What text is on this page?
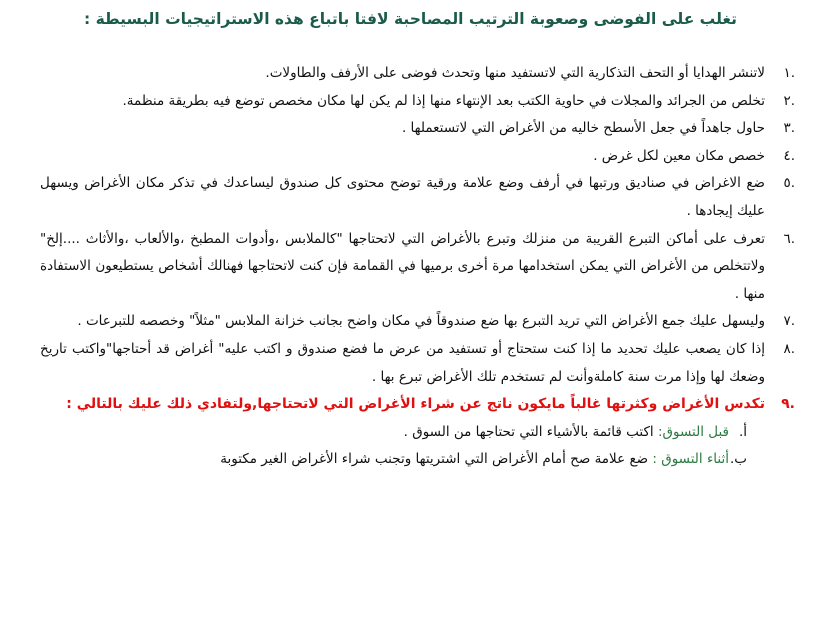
تغلب على الفوضى وصعوبة الترتيب المصاحبة لافتا باتباع هذه الاستراتيجيات البسيطة :
.١
لاتنشر الهدايا أو التحف التذكارية التي لاتستفيد منها وتحدث فوضى على الأرفف والطاولات.
.٢
تخلص من الجرائد والمجلات في حاوية الكتب بعد الإنتهاء منها إذا لم يكن لها مكان مخصص توضع فيه بطريقة منظمة.
.٣
حاول جاهداً في جعل الأسطح خاليه من الأغراض التي لاتستعملها .
.٤
خصص مكان معين لكل غرض .
.٥
ضع الاغراض في صناديق ورتبها في أرفف وضع علامة ورقية توضح محتوى كل صندوق ليساعدك في تذكر مكان الأغراض ويسهل عليك إيجادها .
.٦
تعرف على أماكن التبرع القريبة من منزلك وتبرع بالأغراض التي لاتحتاجها "كالملابس ،وأدوات المطبخ ،والألعاب ،والأثاث ....إلخ" ولاتتخلص من الأغراض التي يمكن استخدامها مرة أخرى برميها في القمامة فإن كنت لاتحتاجها فهنالك أشخاص يستطيعون الاستفادة منها .
.٧
وليسهل عليك جمع الأغراض التي تريد التبرع بها ضع صندوقاً في مكان واضح بجانب خزانة الملابس "مثلاً" وخصصه للتبرعات .
.٨
إذا كان يصعب عليك تحديد ما إذا كنت ستحتاج أو تستفيد من عرض ما فضع صندوق و اكتب عليه" أغراض قد أحتاجها"واكتب تاريخ وضعك لها وإذا مرت سنة كاملةوأنت لم تستخدم تلك الأغراض تبرع بها .
.٩
تكدس الأغراض وكثرتها غالباً مايكون ناتج عن شراء الأغراض التي لاتحتاجها,ولتفادي ذلك عليك بالتالي :
أ.
قبل التسوق: اكتب قائمة بالأشياء التي تحتاجها من السوق .
ب.
أثناء التسوق : ضع علامة صح أمام الأغراض التي اشتريتها وتجنب شراء الأغراض الغير مكتوبة
